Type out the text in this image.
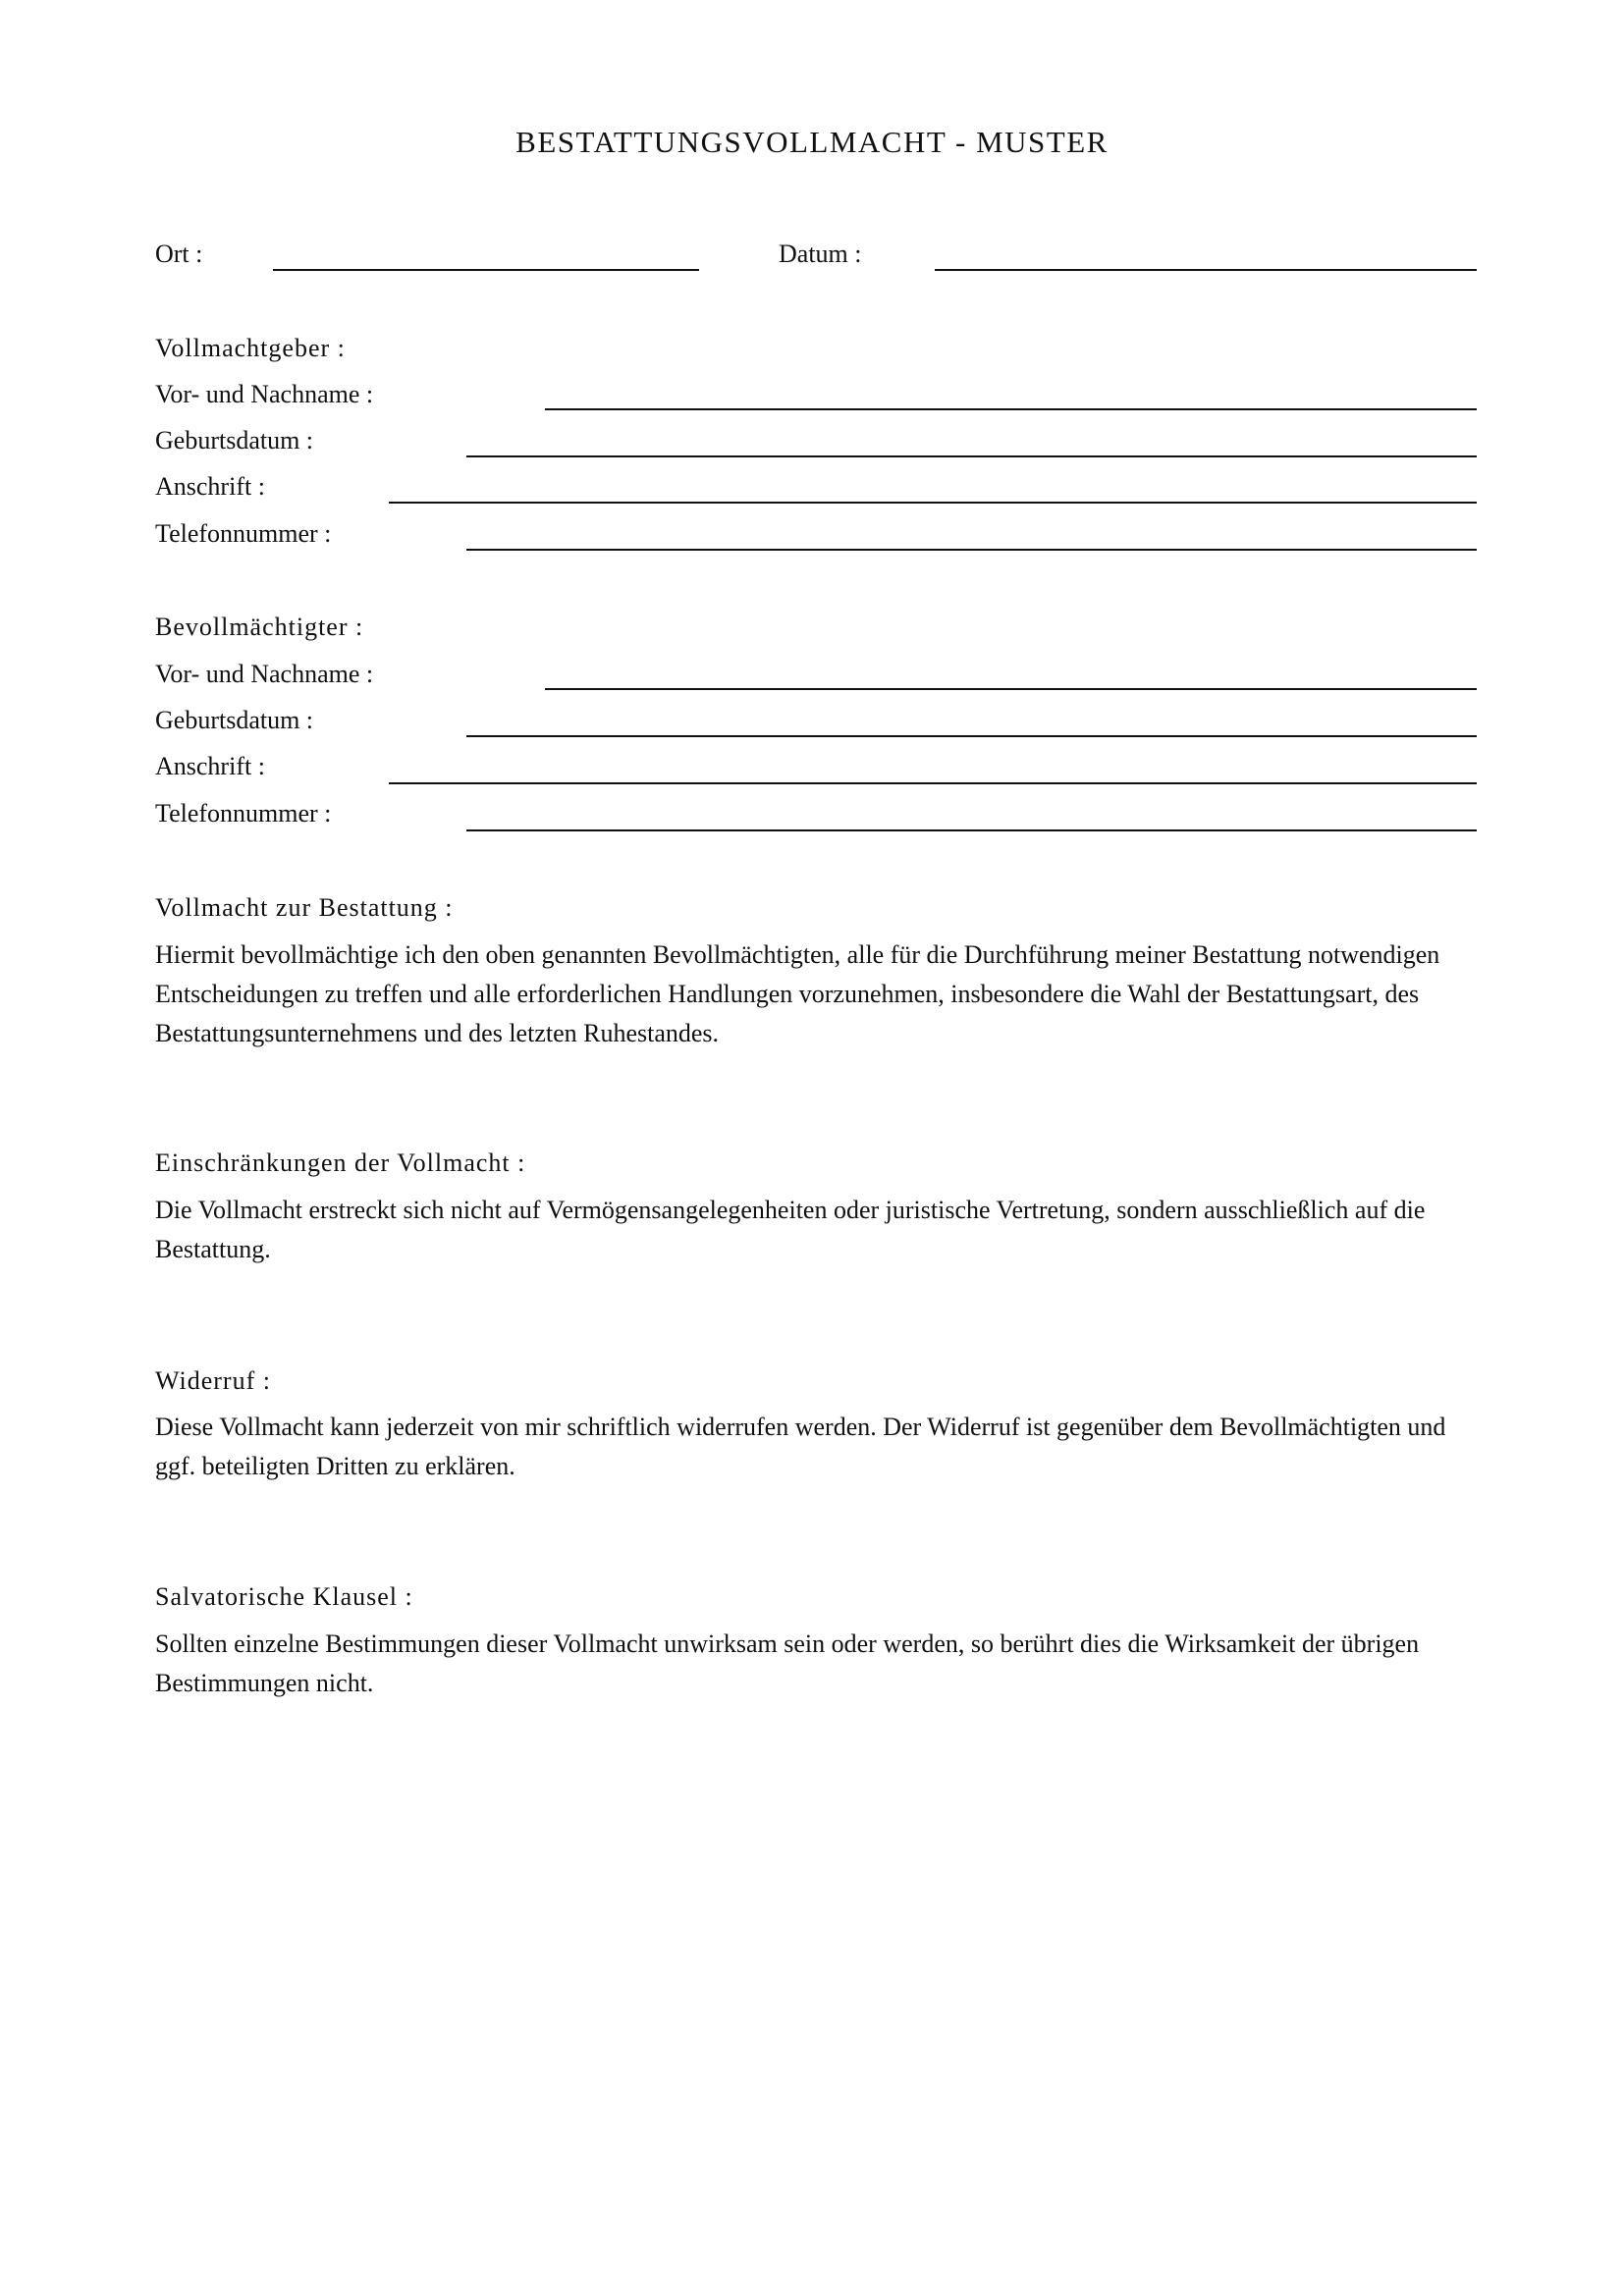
BESTATTUNGSVOLLMACHT - MUSTER
Ort :	Datum :
Vollmachtgeber :
Vor- und Nachname :
Geburtsdatum :
Anschrift :
Telefonnummer :
Bevollmächtigter :
Vor- und Nachname :
Geburtsdatum :
Anschrift :
Telefonnummer :
Vollmacht zur Bestattung :
Hiermit bevollmächtige ich den oben genannten Bevollmächtigten, alle für die Durchführung meiner Bestattung notwendigen Entscheidungen zu treffen und alle erforderlichen Handlungen vorzunehmen, insbesondere die Wahl der Bestattungsart, des Bestattungsunternehmens und des letzten Ruhestandes.
Einschränkungen der Vollmacht :
Die Vollmacht erstreckt sich nicht auf Vermögensangelegenheiten oder juristische Vertretung, sondern ausschließlich auf die Bestattung.
Widerruf :
Diese Vollmacht kann jederzeit von mir schriftlich widerrufen werden. Der Widerruf ist gegenüber dem Bevollmächtigten und ggf. beteiligten Dritten zu erklären.
Salvatorische Klausel :
Sollten einzelne Bestimmungen dieser Vollmacht unwirksam sein oder werden, so berührt dies die Wirksamkeit der übrigen Bestimmungen nicht.
